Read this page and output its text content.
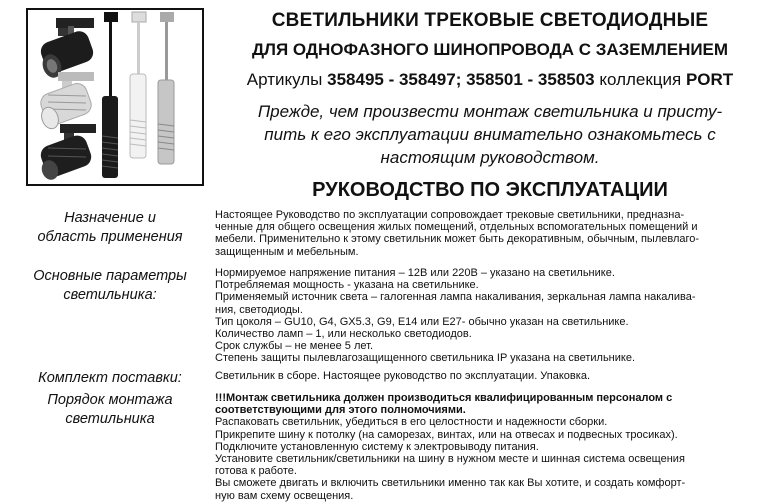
СВЕТИЛЬНИКИ ТРЕКОВЫЕ СВЕТОДИОДНЫЕ
ДЛЯ ОДНОФАЗНОГО ШИНОПРОВОДА С ЗАЗЕМЛЕНИЕМ
Артикулы 358495 - 358497; 358501 - 358503 коллекция PORT
Прежде, чем произвести монтаж светильника и присту-
пить к его эксплуатации внимательно ознакомьтесь с
настоящим руководством.
РУКОВОДСТВО ПО ЭКСПЛУАТАЦИИ
Назначение и
область применения
Настоящее Руководство по эксплуатации сопровождает трековые светильники, предназна-
ченные для общего освещения жилых помещений, отдельных вспомогательных помещений и
мебели. Применительно к этому светильник может быть декоративным, обычным, пылевлаго-
защищенным и мебельным.
Основные параметры
светильника:
Нормируемое напряжение питания – 12В или 220В – указано на светильнике.
Потребляемая мощность - указана на светильнике.
Применяемый источник света – галогенная лампа накаливания, зеркальная лампа накалива-
ния, светодиоды.
Тип цоколя – GU10, G4, GX5.3, G9, E14 или E27- обычно указан на светильнике.
Количество ламп – 1, или несколько светодиодов.
Срок службы – не менее 5 лет.
Степень защиты пылевлагозащищенного светильника IP указана на светильнике.
Комплект поставки:	Светильник в сборе. Настоящее руководство по эксплуатации. Упаковка.
Порядок монтажа
светильника
!!!Монтаж светильника должен производиться квалифицированным персоналом с
соответствующими для этого полномочиями.
Распаковать светильник, убедиться в его целостности и надежности сборки.
Прикрепите шину к потолку (на саморезах, винтах, или на отвесах и подвесных тросиках).
Подключите установленную систему к электровыводу питания.
Установите светильник/светильники на шину в нужном месте и шинная система освещения
готова к работе.
Вы сможете двигать и включить светильники именно так как Вы хотите, и создать комфорт-
ную вам схему освещения.
